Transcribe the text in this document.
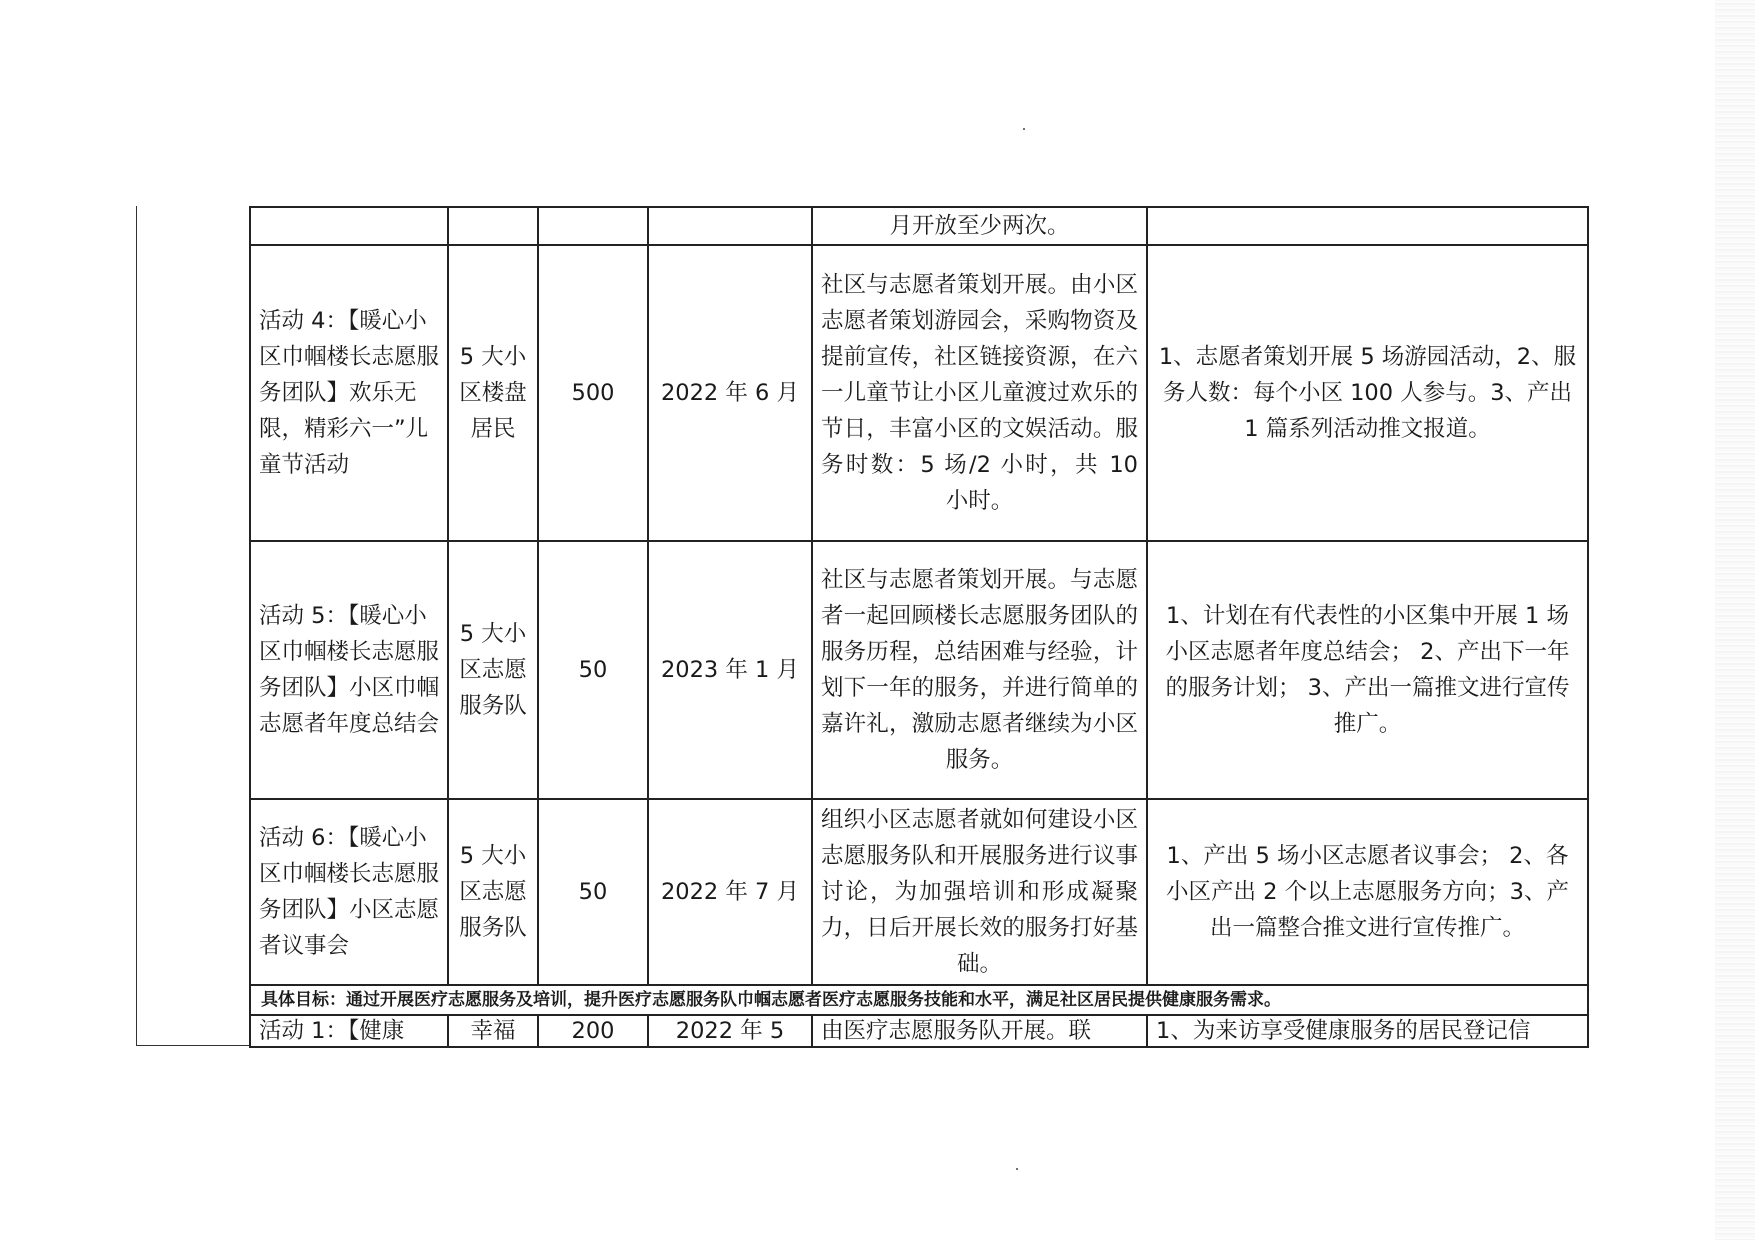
				月开放至少两次。	
活动 4：【暖心小区巾帼楼长志愿服务团队】欢乐无限，精彩六一”儿童节活动	5 大小区楼盘居民	500	2022 年 6 月	社区与志愿者策划开展。由小区志愿者策划游园会，采购物资及提前宣传，社区链接资源，在六一儿童节让小区儿童渡过欢乐的节日，丰富小区的文娱活动。服务时数：5 场/2 小时，共 10 小时。	1、志愿者策划开展 5 场游园活动，2、服务人数：每个小区 100 人参与。3、产出 1 篇系列活动推文报道。
活动 5：【暖心小区巾帼楼长志愿服务团队】小区巾帼志愿者年度总结会	5 大小区志愿服务队	50	2023 年 1 月	社区与志愿者策划开展。与志愿者一起回顾楼长志愿服务团队的服务历程，总结困难与经验，计划下一年的服务，并进行简单的嘉许礼，激励志愿者继续为小区服务。	1、计划在有代表性的小区集中开展 1 场小区志愿者年度总结会； 2、产出下一年的服务计划； 3、产出一篇推文进行宣传推广。
活动 6：【暖心小区巾帼楼长志愿服务团队】小区志愿者议事会	5 大小区志愿服务队	50	2022 年 7 月	组织小区志愿者就如何建设小区志愿服务队和开展服务进行议事讨论，为加强培训和形成凝聚力，日后开展长效的服务打好基础。	1、产出 5 场小区志愿者议事会； 2、各小区产出 2 个以上志愿服务方向；3、产出一篇整合推文进行宣传推广。
具体目标：通过开展医疗志愿服务及培训，提升医疗志愿服务队巾帼志愿者医疗志愿服务技能和水平，满足社区居民提供健康服务需求。					
活动 1：【健康	幸福	200	2022 年 5	由医疗志愿服务队开展。联	1、为来访享受健康服务的居民登记信
